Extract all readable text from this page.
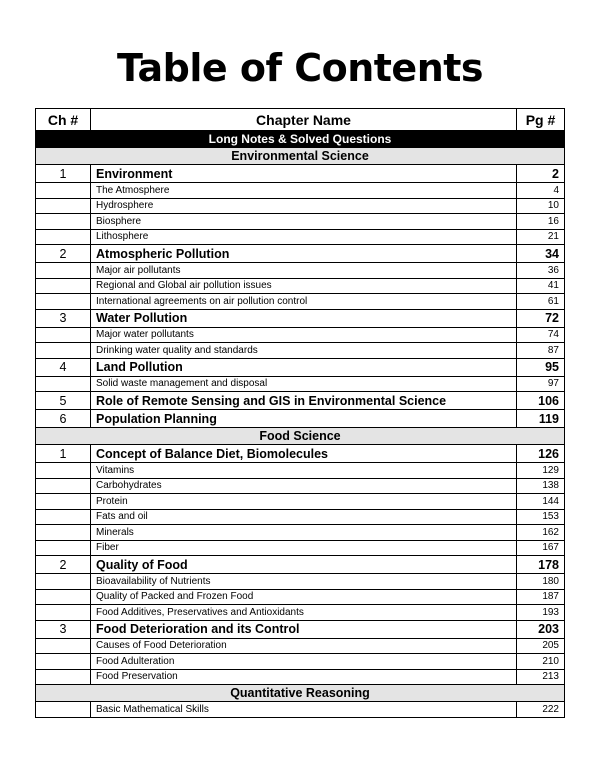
Table of Contents
Ch #	Chapter Name	Pg #
Long Notes & Solved Questions		
Environmental Science		
1	Environment	2
	The Atmosphere	4
	Hydrosphere	10
	Biosphere	16
	Lithosphere	21
2	Atmospheric Pollution	34
	Major air pollutants	36
	Regional and Global air pollution issues	41
	International agreements on air pollution control	61
3	Water Pollution	72
	Major water pollutants	74
	Drinking water quality and standards	87
4	Land Pollution	95
	Solid waste management and disposal	97
5	Role of Remote Sensing and GIS in Environmental Science	106
6	Population Planning	119
Food Science		
1	Concept of Balance Diet, Biomolecules	126
	Vitamins	129
	Carbohydrates	138
	Protein	144
	Fats and oil	153
	Minerals	162
	Fiber	167
2	Quality of Food	178
	Bioavailability of Nutrients	180
	Quality of Packed and Frozen Food	187
	Food Additives, Preservatives and Antioxidants	193
3	Food Deterioration and its Control	203
	Causes of Food Deterioration	205
	Food Adulteration	210
	Food Preservation	213
Quantitative Reasoning		
	Basic Mathematical Skills	222
